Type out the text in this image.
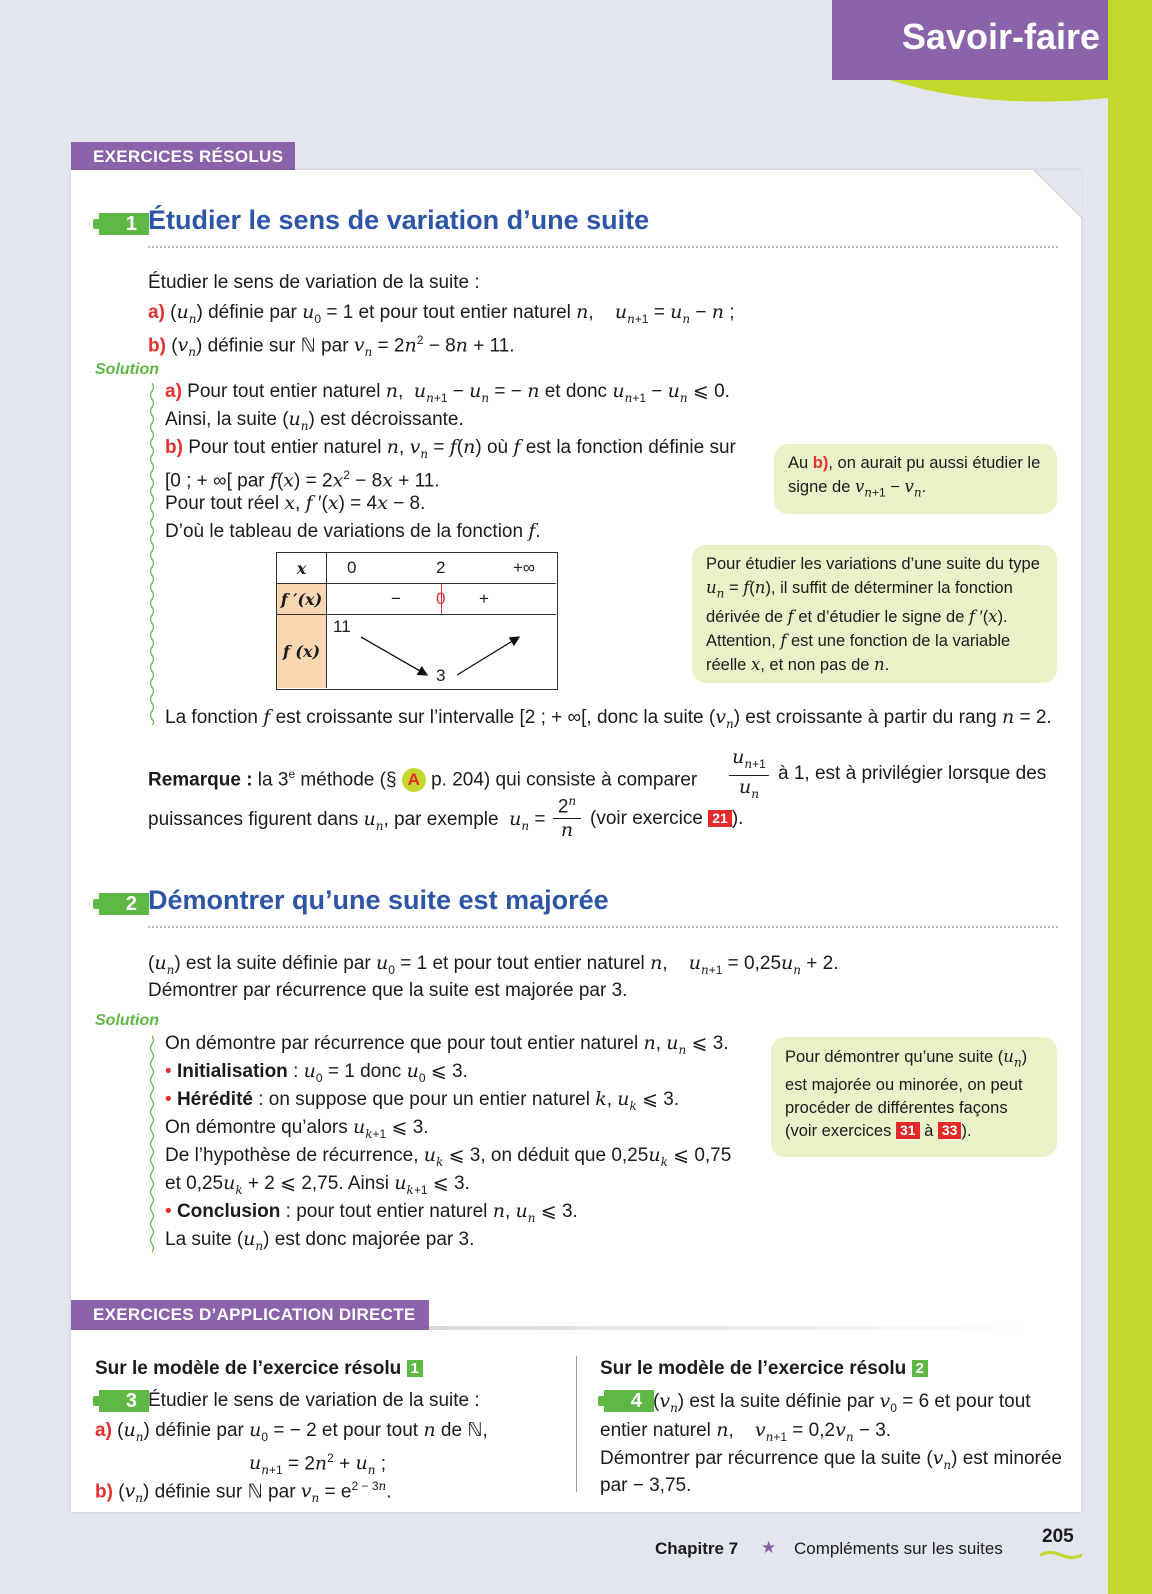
Savoir-faire
EXERCICES RÉSOLUS
1 Étudier le sens de variation d’une suite
Étudier le sens de variation de la suite :
a) $(u_n)$ définie par $u_0 = 1$ et pour tout entier naturel n,    $u_{n+1} = u_n - n$ ;
b) $(v_n)$ définie sur ℕ par $v_n = 2n^2 - 8n + 11$.
Solution
a) Pour tout entier naturel n,  $u_{n+1} - u_n$ = − n et donc $u_{n+1} - u_n$ ⩽ 0.
Ainsi, la suite $(u_n)$ est décroissante.
b) Pour tout entier naturel n, $v_n = f(n)$ où f est la fonction définie sur
[0 ; + ∞[ par $f(x) = 2x^2 - 8x + 11$.
Pour tout réel x, f ′(x) = 4x − 8.
D’où le tableau de variations de la fonction f.
Au b), on aurait pu aussi étudier le signe de $v_{n+1} - v_n$.
x
f ′(x)
f (x)
0	2	+∞
− 0 +
11
3
Pour étudier les variations d’une suite du type $u_n = f(n)$, il suffit de déterminer la fonction dérivée de f et d’étudier le signe de f ′(x). Attention, f est une fonction de la variable réelle x, et non pas de n.
La fonction f est croissante sur l’intervalle [2 ; + ∞[, donc la suite $(v_n)$ est croissante à partir du rang n = 2.
Remarque : la 3e méthode (§ A p. 204) qui consiste à comparer
$u_{n+1}$
$u_n$
à 1, est à privilégier lorsque des
puissances figurent dans $u_n$, par exemple  $u_n$ =
$2^n$
n
(voir exercice 21 ).
2 Démontrer qu’une suite est majorée
$(u_n)$ est la suite définie par $u_0 = 1$ et pour tout entier naturel n,    $u_{n+1} = 0,25u_n + 2$.
Démontrer par récurrence que la suite est majorée par 3.
Solution
On démontre par récurrence que pour tout entier naturel n, $u_n$ ⩽ 3.
• Initialisation : $u_0 = 1$ donc $u_0$ ⩽ 3.
• Hérédité : on suppose que pour un entier naturel k, $u_k$ ⩽ 3.
On démontre qu’alors $u_{k+1}$ ⩽ 3.
De l’hypothèse de récurrence, $u_k$ ⩽ 3, on déduit que $0,25u_k$ ⩽ 0,75
et $0,25u_k + 2$ ⩽ 2,75. Ainsi $u_{k+1}$ ⩽ 3.
• Conclusion : pour tout entier naturel n, $u_n$ ⩽ 3.
La suite $(u_n)$ est donc majorée par 3.
Pour démontrer qu’une suite $(u_n)$ est majorée ou minorée, on peut procéder de différentes façons (voir exercices 31 à 33 ).
EXERCICES D’APPLICATION DIRECTE
Sur le modèle de l’exercice résolu 1
3 Étudier le sens de variation de la suite :
a) $(u_n)$ définie par $u_0$ = − 2 et pour tout n de ℕ,
$u_{n+1} = 2n^2 + u_n$ ;
b) $(v_n)$ définie sur ℕ par $v_n = e^{2 - 3n}$.
Sur le modèle de l’exercice résolu 2
4 $(v_n)$ est la suite définie par $v_0 = 6$ et pour tout
entier naturel n,    $v_{n+1} = 0,2v_n - 3$.
Démontrer par récurrence que la suite $(v_n)$ est minorée
par − 3,75.
Chapitre 7 ★ Compléments sur les suites
205
